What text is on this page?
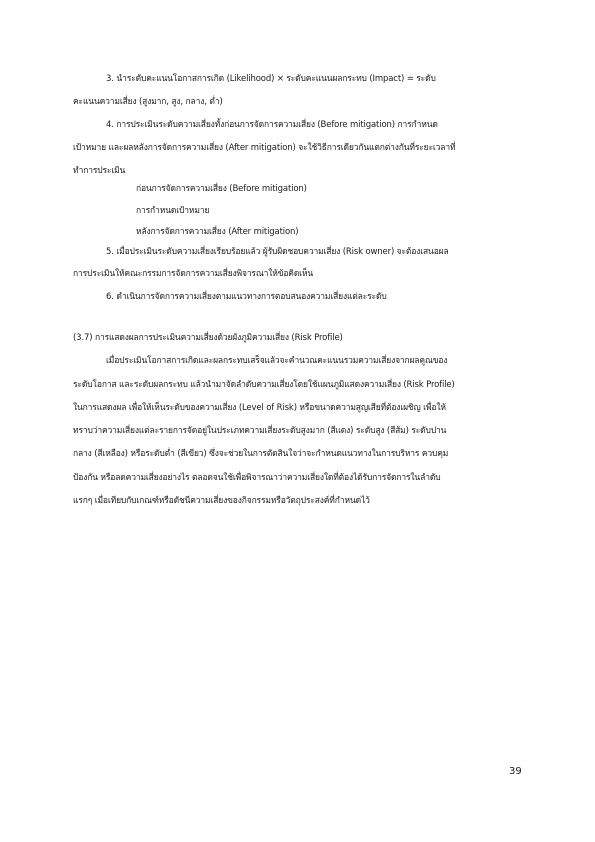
3. นำระดับคะแนนโอกาสการเกิด (Likelihood) × ระดับคะแนนผลกระทบ (Impact) = ระดับ
คะแนนความเสี่ยง (สูงมาก, สูง, กลาง, ต่ำ)
4. การประเมินระดับความเสี่ยงทั้งก่อนการจัดการความเสี่ยง (Before mitigation) การกำหนด
เป้าหมาย และผลหลังการจัดการความเสี่ยง (After mitigation) จะใช้วิธีการเดียวกันแตกต่างกันที่ระยะเวลาที่
ทำการประเมิน
ก่อนการจัดการความเสี่ยง (Before mitigation)
การกำหนดเป้าหมาย
หลังการจัดการความเสี่ยง (After mitigation)
5. เมื่อประเมินระดับความเสี่ยงเรียบร้อยแล้ว ผู้รับผิดชอบความเสี่ยง (Risk owner) จะต้องเสนอผล
การประเมินให้คณะกรรมการจัดการความเสี่ยงพิจารณาให้ข้อคิดเห็น
6. ดำเนินการจัดการความเสี่ยงตามแนวทางการตอบสนองความเสี่ยงแต่ละระดับ
(3.7) การแสดงผลการประเมินความเสี่ยงด้วยผังภูมิความเสี่ยง (Risk Profile)
เมื่อประเมินโอกาสการเกิดและผลกระทบเสร็จแล้วจะคำนวณคะแนนรวมความเสี่ยงจากผลคูณของ
ระดับโอกาส และระดับผลกระทบ แล้วนำมาจัดลำดับความเสี่ยงโดยใช้แผนภูมิแสดงความเสี่ยง (Risk Profile)
ในการแสดงผล เพื่อให้เห็นระดับของความเสี่ยง (Level of Risk) หรือขนาดความสูญเสียที่ต้องเผชิญ เพื่อให้
ทราบว่าความเสี่ยงแต่ละรายการจัดอยู่ในประเภทความเสี่ยงระดับสูงมาก (สีแดง) ระดับสูง (สีส้ม) ระดับปาน
กลาง (สีเหลือง) หรือระดับต่ำ (สีเขียว) ซึ่งจะช่วยในการตัดสินใจว่าจะกำหนดแนวทางในการบริหาร ควบคุม
ป้องกัน หรือลดความเสี่ยงอย่างไร ตลอดจนใช้เพื่อพิจารณาว่าความเสี่ยงใดที่ต้องได้รับการจัดการในลำดับ
แรกๆ เมื่อเทียบกับเกณฑ์หรือดัชนีความเสี่ยงของกิจกรรมหรือวัตถุประสงค์ที่กำหนดไว้
39
